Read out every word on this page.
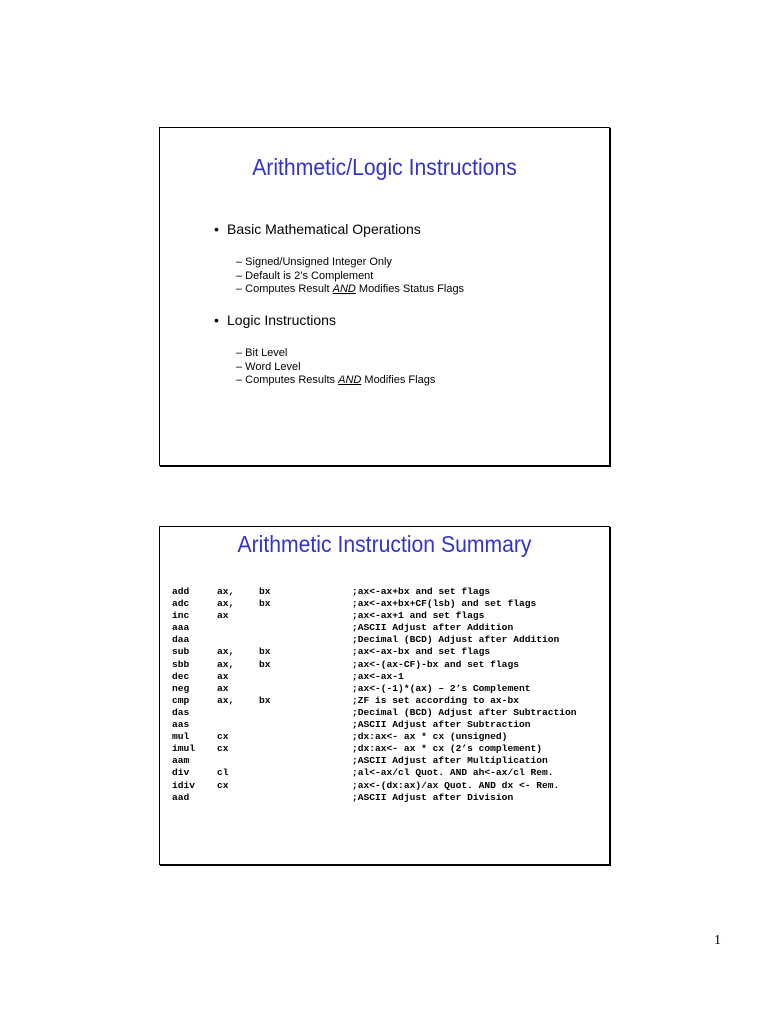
Arithmetic/Logic Instructions
• Basic Mathematical Operations
– Signed/Unsigned Integer Only
– Default is 2’s Complement
– Computes Result AND Modifies Status Flags
• Logic Instructions
– Bit Level
– Word Level
– Computes Results AND Modifies Flags
Arithmetic Instruction Summary
add	ax,	bx	;ax<-ax+bx and set flags
adc	ax,	bx	;ax<-ax+bx+CF(lsb) and set flags
inc	ax	;ax<-ax+1 and set flags
aaa	;ASCII Adjust after Addition
daa	;Decimal (BCD) Adjust after Addition
sub	ax,	bx	;ax<-ax-bx and set flags
sbb	ax,	bx	;ax<-(ax-CF)-bx and set flags
dec	ax	;ax<-ax-1
neg	ax	;ax<-(-1)*(ax) – 2’s Complement
cmp	ax,	bx	;ZF is set according to ax-bx
das	;Decimal (BCD) Adjust after Subtraction
aas	;ASCII Adjust after Subtraction
mul	cx	;dx:ax<- ax * cx (unsigned)
imul cx	;dx:ax<- ax * cx (2’s complement)
aam	;ASCII Adjust after Multiplication
div	cl	;al<-ax/cl Quot. AND ah<-ax/cl Rem.
idiv cx	;ax<-(dx:ax)/ax Quot. AND dx <- Rem.
aad	;ASCII Adjust after Division
1
